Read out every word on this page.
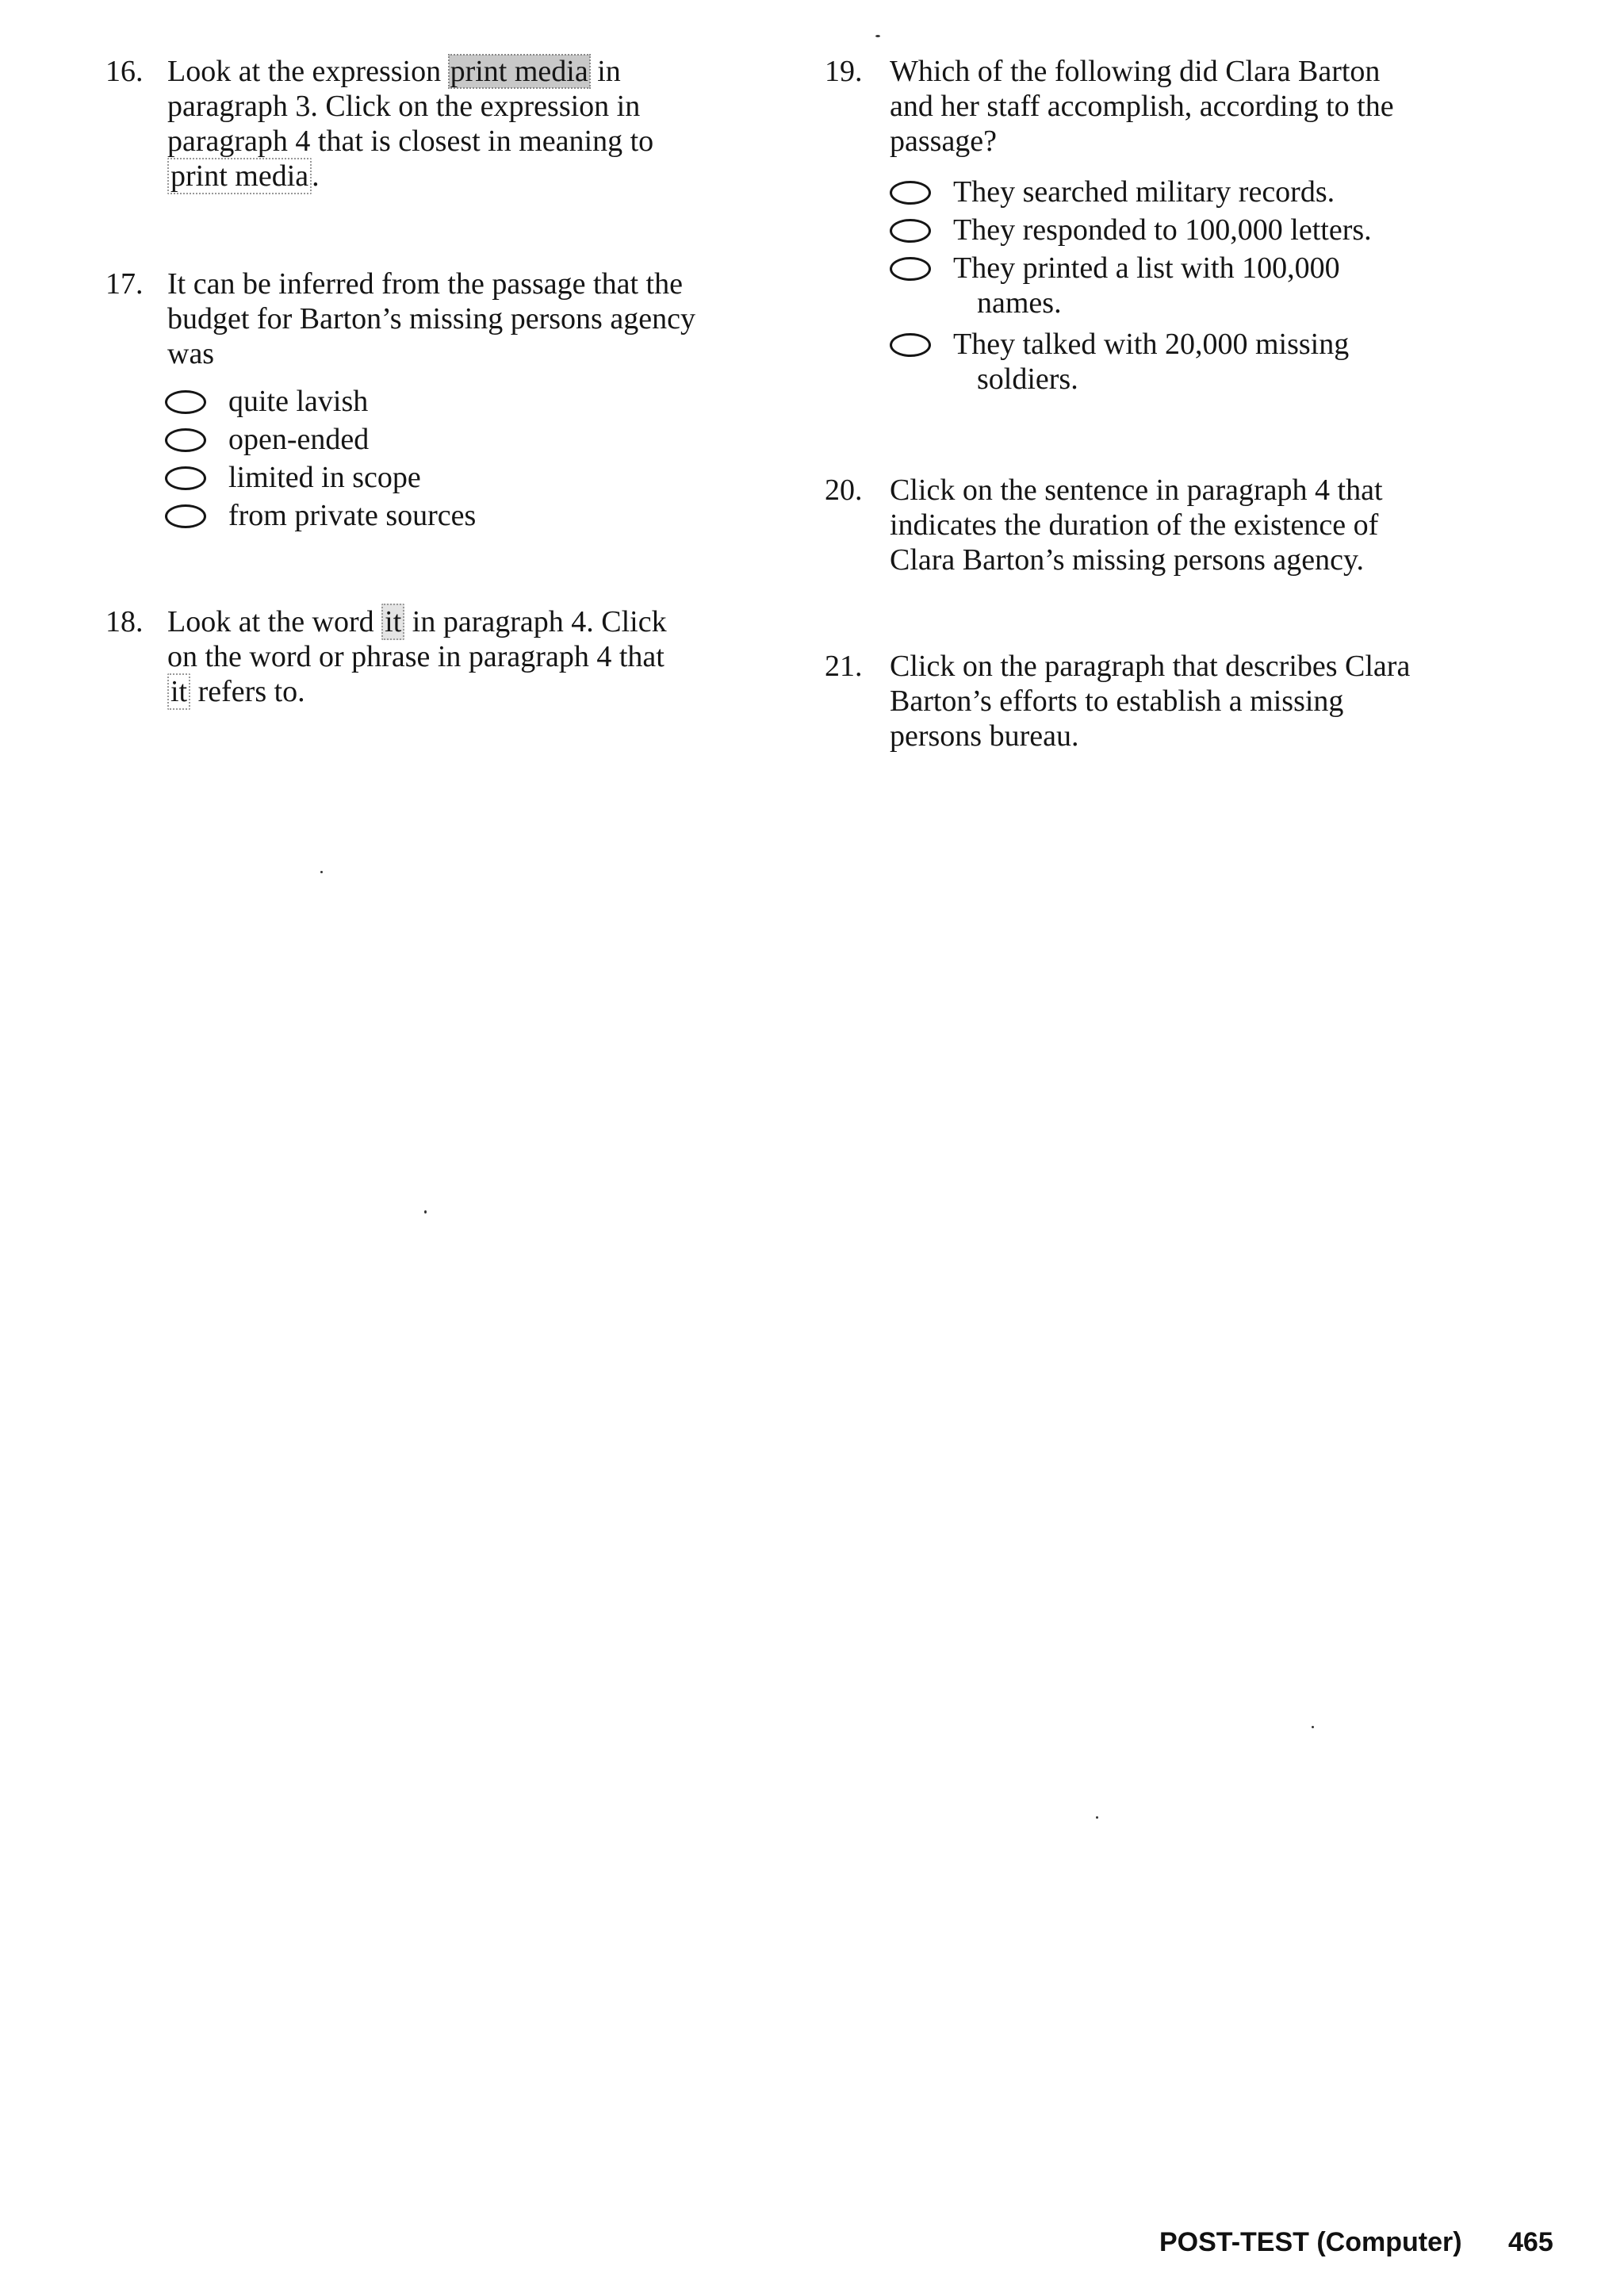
16. Look at the expression print media in
paragraph 3. Click on the expression in
paragraph 4 that is closest in meaning to
print media .
17. It can be inferred from the passage that the
budget for Barton’s missing persons agency
was
quite lavish
open-ended
limited in scope
from private sources
18. Look at the word it in paragraph 4. Click
on the word or phrase in paragraph 4 that
it refers to.
19. Which of the following did Clara Barton
and her staff accomplish, according to the
passage?
They searched military records.
They responded to 100,000 letters.
They printed a list with 100,000
names.
They talked with 20,000 missing
soldiers.
20. Click on the sentence in paragraph 4 that
indicates the duration of the existence of
Clara Barton’s missing persons agency.
21. Click on the paragraph that describes Clara
Barton’s efforts to establish a missing
persons bureau.
POST-TEST (Computer) 465
